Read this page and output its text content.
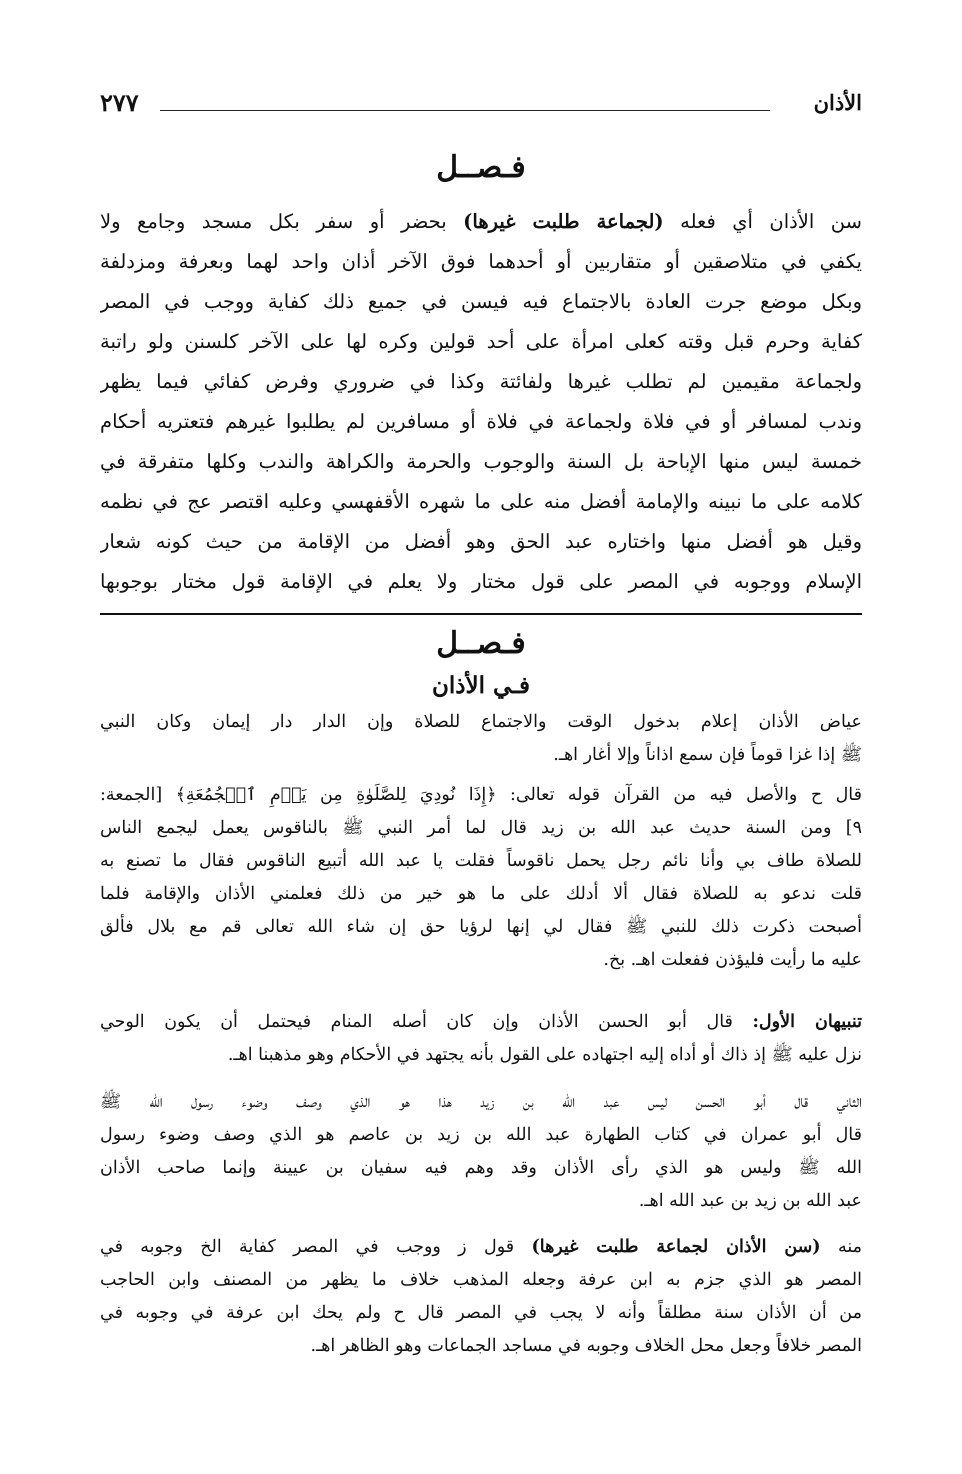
الأذان
٢٧٧
فـصــل
سن الأذان أي فعله (لجماعة طلبت غيرها) بحضر أو سفر بكل مسجد وجامع ولا
يكفي في متلاصقين أو متقاربين أو أحدهما فوق الآخر أذان واحد لهما وبعرفة ومزدلفة
وبكل موضع جرت العادة بالاجتماع فيه فيسن في جميع ذلك كفاية ووجب في المصر
كفاية وحرم قبل وقته كعلى امرأة على أحد قولين وكره لها على الآخر كلسنن ولو راتبة
ولجماعة مقيمين لم تطلب غيرها ولفائتة وكذا في ضروري وفرض كفائي فيما يظهر
وندب لمسافر أو في فلاة ولجماعة في فلاة أو مسافرين لم يطلبوا غيرهم فتعتريه أحكام
خمسة ليس منها الإباحة بل السنة والوجوب والحرمة والكراهة والندب وكلها متفرقة في
كلامه على ما نبينه والإمامة أفضل منه على ما شهره الأقفهسي وعليه اقتصر عج في نظمه
وقيل هو أفضل منها واختاره عبد الحق وهو أفضل من الإقامة من حيث كونه شعار
الإسلام ووجوبه في المصر على قول مختار ولا يعلم في الإقامة قول مختار بوجوبها
فـصــل
فـي الأذان
عياض الأذان إعلام بدخول الوقت والاجتماع للصلاة وإن الدار دار إيمان وكان النبي
ﷺ إذا غزا قوماً فإن سمع اذاناً وإلا أغار اهـ.
قال ح والأصل فيه من القرآن قوله تعالى: ﴿إِذَا نُودِيَ لِلصَّلَوٰةِ مِن يَوۡمِ ٱلۡجُمُعَةِ﴾ [الجمعة:
٩] ومن السنة حديث عبد الله بن زيد قال لما أمر النبي ﷺ بالناقوس يعمل ليجمع الناس
للصلاة طاف بي وأنا نائم رجل يحمل ناقوساً فقلت يا عبد الله أتبيع الناقوس فقال ما تصنع به
قلت ندعو به للصلاة فقال ألا أدلك على ما هو خير من ذلك فعلمني الأذان والإقامة فلما
أصبحت ذكرت ذلك للنبي ﷺ فقال لي إنها لرؤيا حق إن شاء الله تعالى قم مع بلال فألق
عليه ما رأيت فليؤذن ففعلت اهـ. بخ.
تنبيهان الأول: قال أبو الحسن الأذان وإن كان أصله المنام فيحتمل أن يكون الوحي
نزل عليه ﷺ إذ ذاك أو أداه إليه اجتهاده على القول بأنه يجتهد في الأحكام وهو مذهبنا اهـ.
الثاني قال أبو الحسن ليس عبد الله بن زيد هذا هو الذي وصف وضوء رسول الله ﷺ
قال أبو عمران في كتاب الطهارة عبد الله بن زيد بن عاصم هو الذي وصف وضوء رسول
الله ﷺ وليس هو الذي رأى الأذان وقد وهم فيه سفيان بن عيينة وإنما صاحب الأذان
عبد الله بن زيد بن عبد الله اهـ.
منه (سن الأذان لجماعة طلبت غيرها) قول ز ووجب في المصر كفاية الخ وجوبه في
المصر هو الذي جزم به ابن عرفة وجعله المذهب خلاف ما يظهر من المصنف وابن الحاجب
من أن الأذان سنة مطلقاً وأنه لا يجب في المصر قال ح ولم يحك ابن عرفة في وجوبه في
المصر خلافاً وجعل محل الخلاف وجوبه في مساجد الجماعات وهو الظاهر اهـ.
